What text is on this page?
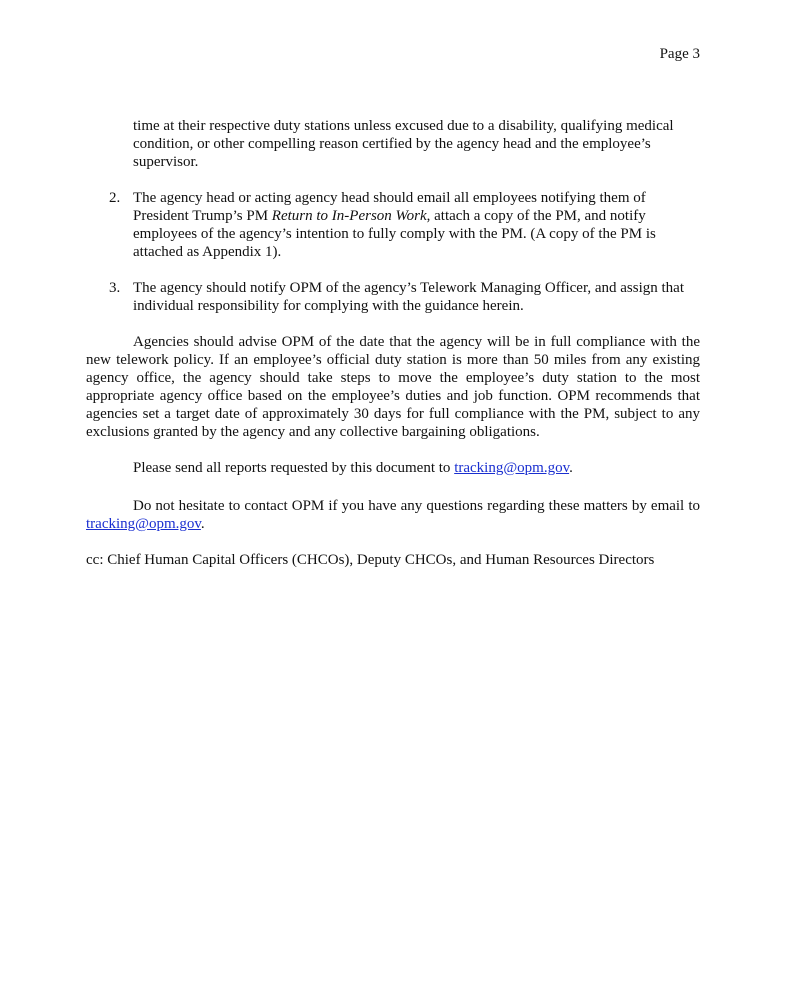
Page 3
time at their respective duty stations unless excused due to a disability, qualifying medical condition, or other compelling reason certified by the agency head and the employee’s supervisor.
2. The agency head or acting agency head should email all employees notifying them of President Trump’s PM Return to In-Person Work, attach a copy of the PM, and notify employees of the agency’s intention to fully comply with the PM. (A copy of the PM is attached as Appendix 1).
3. The agency should notify OPM of the agency’s Telework Managing Officer, and assign that individual responsibility for complying with the guidance herein.

Agencies should advise OPM of the date that the agency will be in full compliance with the new telework policy. If an employee’s official duty station is more than 50 miles from any existing agency office, the agency should take steps to move the employee’s duty station to the most appropriate agency office based on the employee’s duties and job function. OPM recommends that agencies set a target date of approximately 30 days for full compliance with the PM, subject to any exclusions granted by the agency and any collective bargaining obligations.

Please send all reports requested by this document to tracking@opm.gov.

Do not hesitate to contact OPM if you have any questions regarding these matters by email to tracking@opm.gov.

cc: Chief Human Capital Officers (CHCOs), Deputy CHCOs, and Human Resources Directors
